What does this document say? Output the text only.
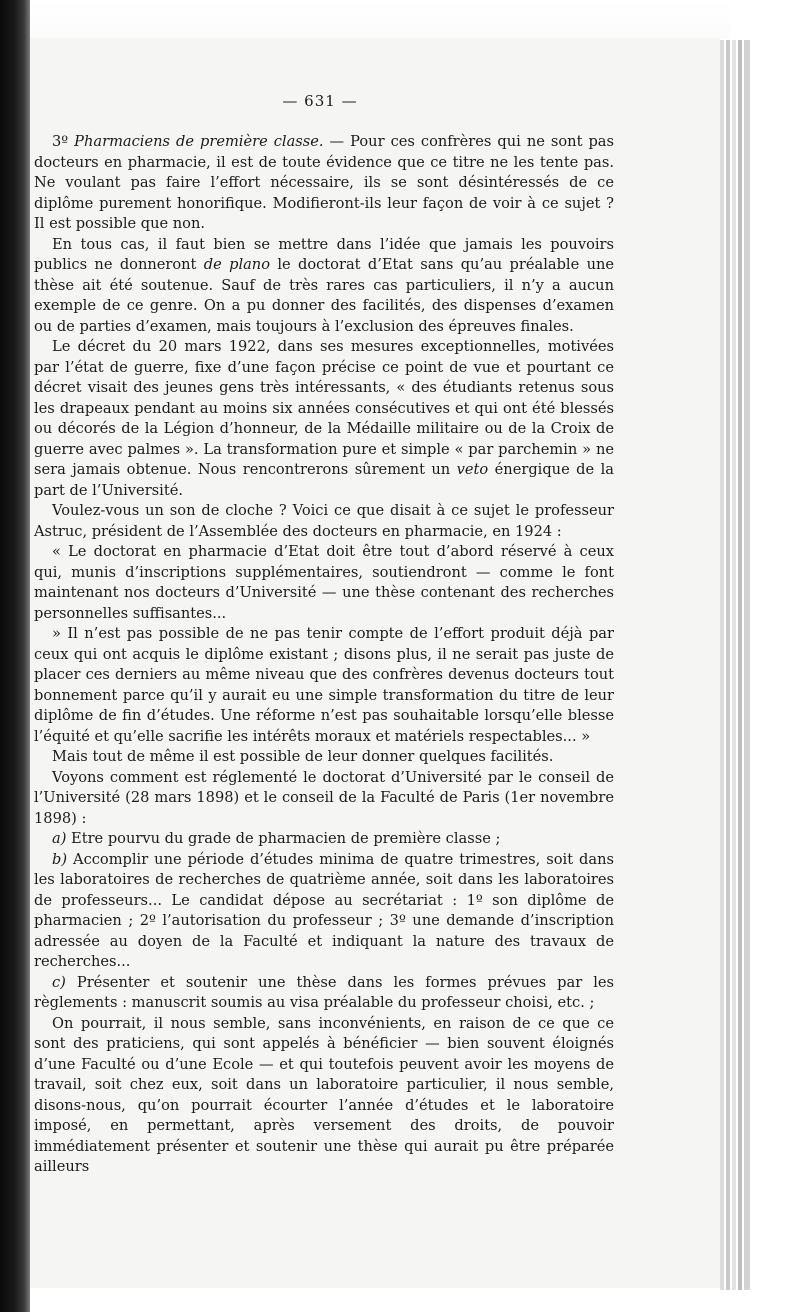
— 631 —

3º Pharmaciens de première classe. — Pour ces confrères qui ne sont pas docteurs en pharmacie, il est de toute évidence que ce titre ne les tente pas. Ne voulant pas faire l’effort nécessaire, ils se sont désintéressés de ce diplôme purement honorifique. Modifieront-ils leur façon de voir à ce sujet ? Il est possible que non.

En tous cas, il faut bien se mettre dans l’idée que jamais les pouvoirs publics ne donneront de plano le doctorat d’Etat sans qu’au préalable une thèse ait été soutenue. Sauf de très rares cas particuliers, il n’y a aucun exemple de ce genre. On a pu donner des facilités, des dispenses d’examen ou de parties d’examen, mais toujours à l’exclusion des épreuves finales.

Le décret du 20 mars 1922, dans ses mesures exceptionnelles, motivées par l’état de guerre, fixe d’une façon précise ce point de vue et pourtant ce décret visait des jeunes gens très intéressants, « des étudiants retenus sous les drapeaux pendant au moins six années consécutives et qui ont été blessés ou décorés de la Légion d’honneur, de la Médaille militaire ou de la Croix de guerre avec palmes ». La transformation pure et simple « par parchemin » ne sera jamais obtenue. Nous rencontrerons sûrement un veto énergique de la part de l’Université.

Voulez-vous un son de cloche ? Voici ce que disait à ce sujet le professeur Astruc, président de l’Assemblée des docteurs en pharmacie, en 1924 :

« Le doctorat en pharmacie d’Etat doit être tout d’abord réservé à ceux qui, munis d’inscriptions supplémentaires, soutiendront — comme le font maintenant nos docteurs d’Université — une thèse contenant des recherches personnelles suffisantes...

» Il n’est pas possible de ne pas tenir compte de l’effort produit déjà par ceux qui ont acquis le diplôme existant ; disons plus, il ne serait pas juste de placer ces derniers au même niveau que des confrères devenus docteurs tout bonnement parce qu’il y aurait eu une simple transformation du titre de leur diplôme de fin d’études. Une réforme n’est pas souhaitable lorsqu’elle blesse l’équité et qu’elle sacrifie les intérêts moraux et matériels respectables... »

Mais tout de même il est possible de leur donner quelques facilités.

Voyons comment est réglementé le doctorat d’Université par le conseil de l’Université (28 mars 1898) et le conseil de la Faculté de Paris (1er novembre 1898) :

a) Etre pourvu du grade de pharmacien de première classe ;

b) Accomplir une période d’études minima de quatre trimestres, soit dans les laboratoires de recherches de quatrième année, soit dans les laboratoires de professeurs... Le candidat dépose au secrétariat : 1º son diplôme de pharmacien ; 2º l’autorisation du professeur ; 3º une demande d’inscription adressée au doyen de la Faculté et indiquant la nature des travaux de recherches...

c) Présenter et soutenir une thèse dans les formes prévues par les règlements : manuscrit soumis au visa préalable du professeur choisi, etc. ;

On pourrait, il nous semble, sans inconvénients, en raison de ce que ce sont des praticiens, qui sont appelés à bénéficier — bien souvent éloignés d’une Faculté ou d’une Ecole — et qui toutefois peuvent avoir les moyens de travail, soit chez eux, soit dans un laboratoire particulier, il nous semble, disons-nous, qu’on pourrait écourter l’année d’études et le laboratoire imposé, en permettant, après versement des droits, de pouvoir immédiatement présenter et soutenir une thèse qui aurait pu être préparée ailleurs
